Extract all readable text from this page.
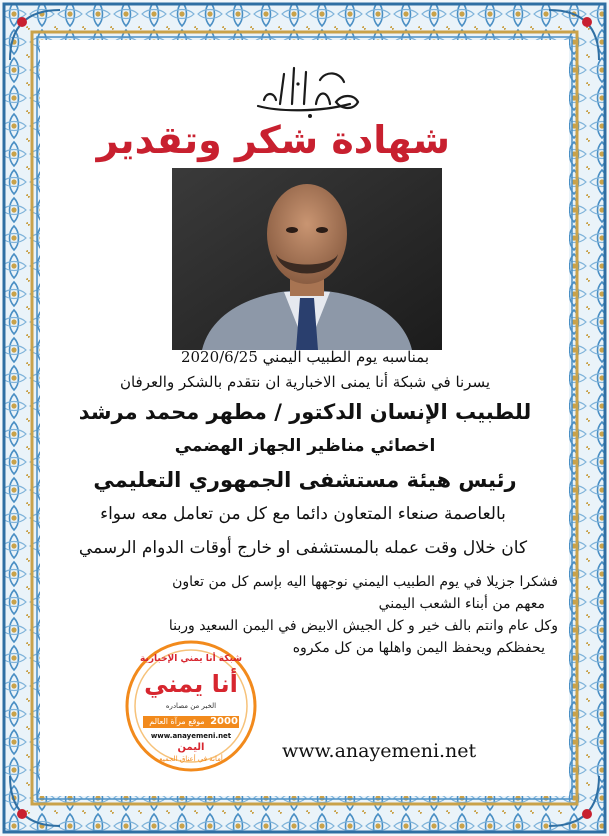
شهادة شكر وتقدير
بمناسبه يوم الطبيب اليمني 2020/6/25
يسرنا في شبكة أنا يمنى الاخبارية ان نتقدم بالشكر والعرفان
للطبيب الإنسان الدكتور / مطهر محمد مرشد
اخصائي مناظير الجهاز الهضمي
رئيس هيئة مستشفى الجمهوري التعليمي
بالعاصمة صنعاء المتعاون دائما مع كل من تعامل معه سواء
كان خلال وقت عمله بالمستشفى او خارج أوقات الدوام الرسمي
فشكرا جزيلا في يوم الطبيب اليمني نوجهها اليه بإسم كل من تعاون
معهم من أبناء الشعب اليمني
وكل عام وانتم بالف خير و كل الجيش الابيض في اليمن السعيد وربنا
يحفظكم ويحفظ اليمن واهلها من كل مكروه
www.anayemeni.net
شبكة أنا يمني الإخبارية
أنا يمني
الخبر من مصادره
موقع مرآة العالم 2000
www.anayemeni.net
اليمن
أمانة في أعناق الجميع
